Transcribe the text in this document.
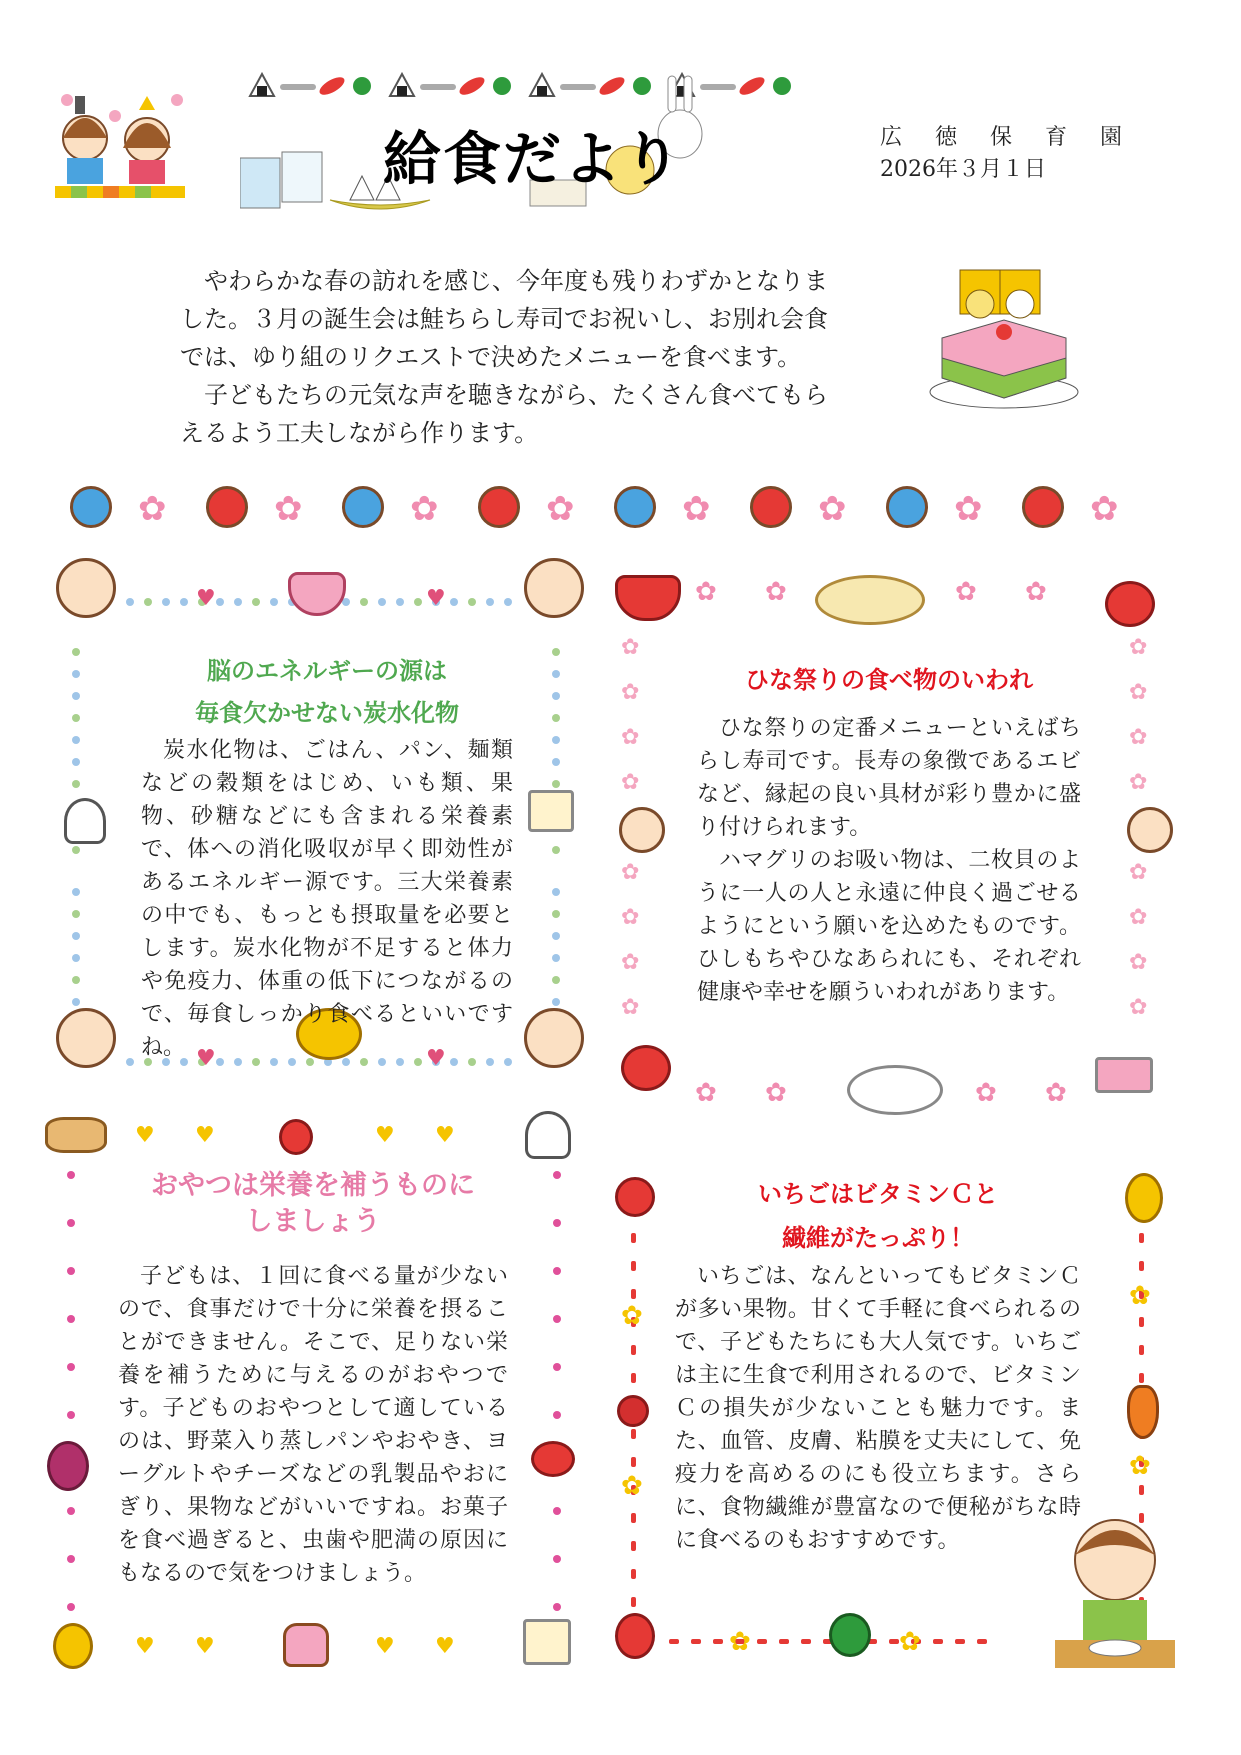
給食だより	広 徳 保 育 園
2026年３月１日

やわらかな春の訪れを感じ、今年度も残りわずかとなりました。３月の誕生会は鮭ちらし寿司でお祝いし、お別れ会食では、ゆり組のリクエストで決めたメニューを食べます。

子どもたちの元気な声を聴きながら、たくさん食べてもらえるよう工夫しながら作ります。

✿	✿	✿	✿	✿	✿	✿	✿
♥	♥
♥	♥
脳のエネルギーの源は
毎食欠かせない炭水化物

炭水化物は、ごはん、パン、麺類などの穀類をはじめ、いも類、果物、砂糖などにも含まれる栄養素で、体への消化吸収が早く即効性があるエネルギー源です。三大栄養素の中でも、もっとも摂取量を必要とします。炭水化物が不足すると体力や免疫力、体重の低下につながるので、毎食しっかり食べるといいですね。

✿ ✿	✿ ✿
✿ ✿	✿ ✿
✿	✿
✿	✿
✿	✿
✿	✿
✿	✿
✿	✿
✿	✿
✿	✿
ひな祭りの食べ物のいわれ

ひな祭りの定番メニューといえばちらし寿司です。長寿の象徴であるエビなど、縁起の良い具材が彩り豊かに盛り付けられます。

ハマグリのお吸い物は、二枚貝のように一人の人と永遠に仲良く過ごせるようにという願いを込めたものです。ひしもちやひなあられにも、それぞれ健康や幸せを願ういわれがあります。

♥
♥
♥
♥
♥
♥
♥
♥
おやつは栄養を補うものに
しましょう

子どもは、１回に食べる量が少ないので、食事だけで十分に栄養を摂ることができません。そこで、足りない栄養を補うために与えるのがおやつです。子どものおやつとして適しているのは、野菜入り蒸しパンやおやき、ヨーグルトやチーズなどの乳製品やおにぎり、果物などがいいですね。お菓子を食べ過ぎると、虫歯や肥満の原因にもなるので気をつけましょう。

✿
✿
✿
✿
✿	✿
いちごはビタミンＣと
繊維がたっぷり！

いちごは、なんといってもビタミンＣが多い果物。甘くて手軽に食べられるので、子どもたちにも大人気です。いちごは主に生食で利用されるので、ビタミンＣの損失が少ないことも魅力です。また、血管、皮膚、粘膜を丈夫にして、免疫力を高めるのにも役立ちます。さらに、食物繊維が豊富なので便秘がちな時に食べるのもおすすめです。
